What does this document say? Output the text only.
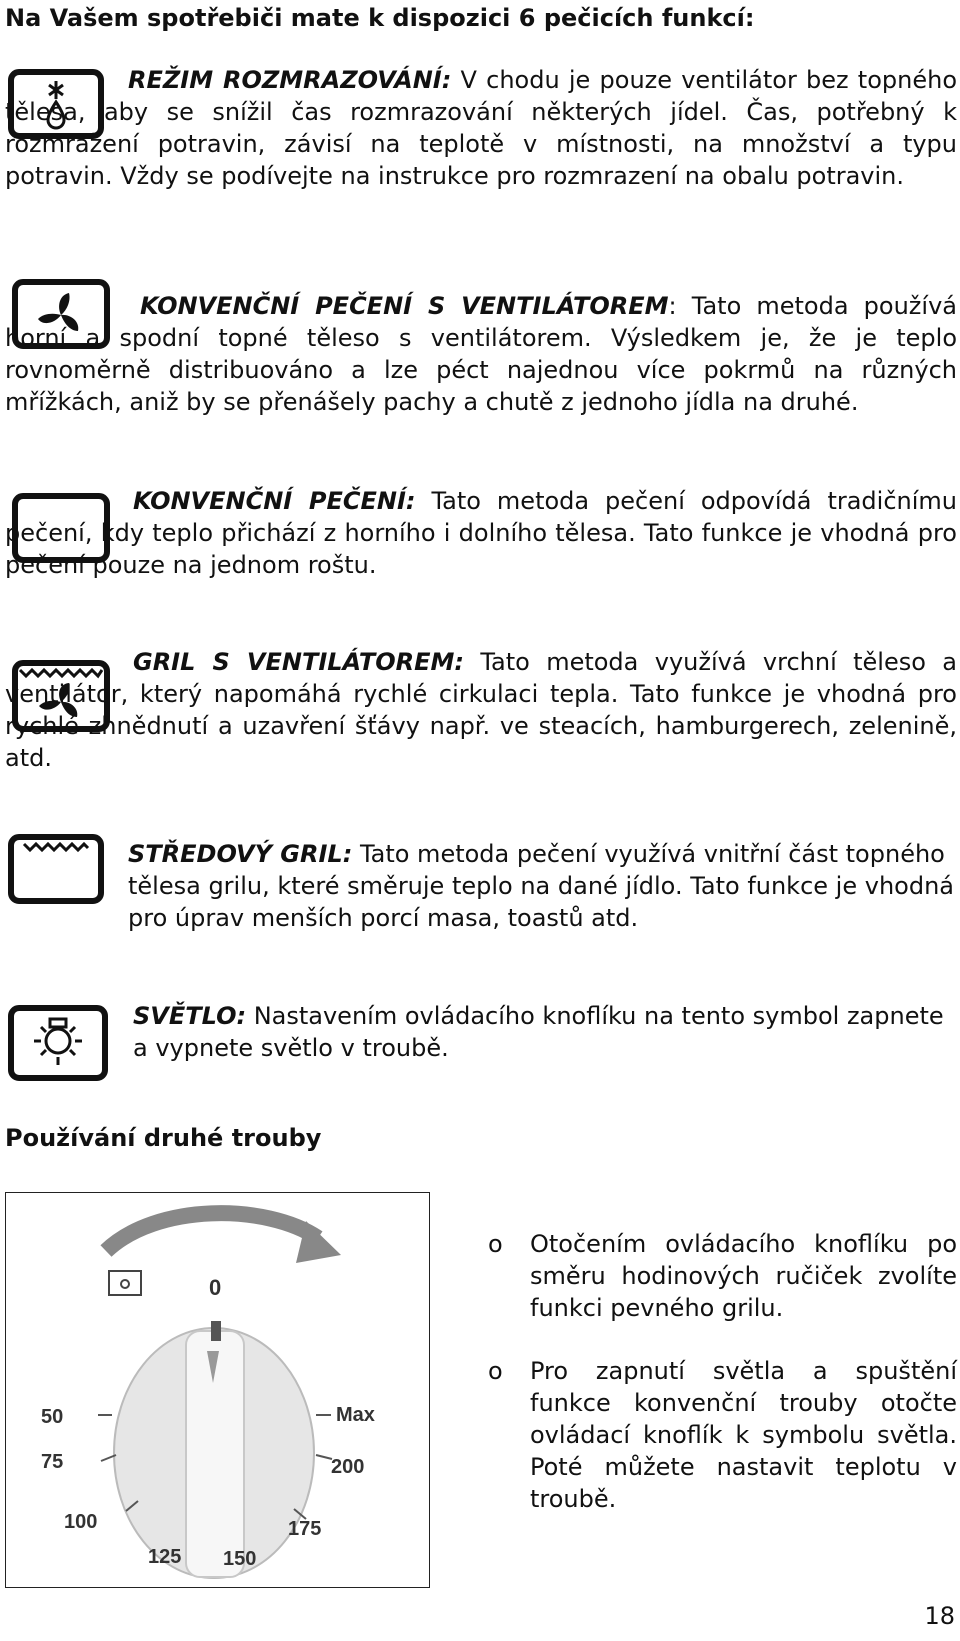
Na Vašem spotřebiči mate k dispozici 6 pečicích funkcí:

REŽIM ROZMRAZOVÁNÍ: V chodu je pouze ventilátor bez topného tělesa, aby se snížil čas rozmrazování některých jídel. Čas, potřebný k rozmražení potravin, závisí na teplotě v místnosti, na množství a typu potravin. Vždy se podívejte na instrukce pro rozmrazení na obalu potravin.

KONVENČNÍ PEČENÍ S VENTILÁTOREM: Tato metoda používá horní a spodní topné těleso s ventilátorem. Výsledkem je, že je teplo rovnoměrně distribuováno a lze péct najednou více pokrmů na různých mřížkách, aniž by se přenášely pachy a chutě z jednoho jídla na druhé.

KONVENČNÍ PEČENÍ: Tato metoda pečení odpovídá tradičnímu pečení, kdy teplo přichází z horního i dolního tělesa. Tato funkce je vhodná pro pečení pouze na jednom roštu.

GRIL S VENTILÁTOREM: Tato metoda využívá vrchní těleso a ventilátor, který napomáhá rychlé cirkulaci tepla. Tato funkce je vhodná pro rychlé zhnědnutí a uzavření šťávy např. ve steacích, hamburgerech, zelenině, atd.

STŘEDOVÝ GRIL: Tato metoda pečení využívá vnitřní část topného tělesa grilu, které směruje teplo na dané jídlo. Tato funkce je vhodná pro úprav menších porcí masa, toastů atd.

SVĚTLO: Nastavením ovládacího knoflíku na tento symbol zapnete a vypnete světlo v troubě.

Používání druhé trouby

0
50
75
100
125 150
175
200
Max
o Otočením ovládacího knoflíku po směru hodinových ručiček zvolíte funkci pevného grilu.
o Pro zapnutí světla a spuštění funkce konvenční trouby otočte ovládací knoflík k symbolu světla. Poté můžete nastavit teplotu v troubě.
18
